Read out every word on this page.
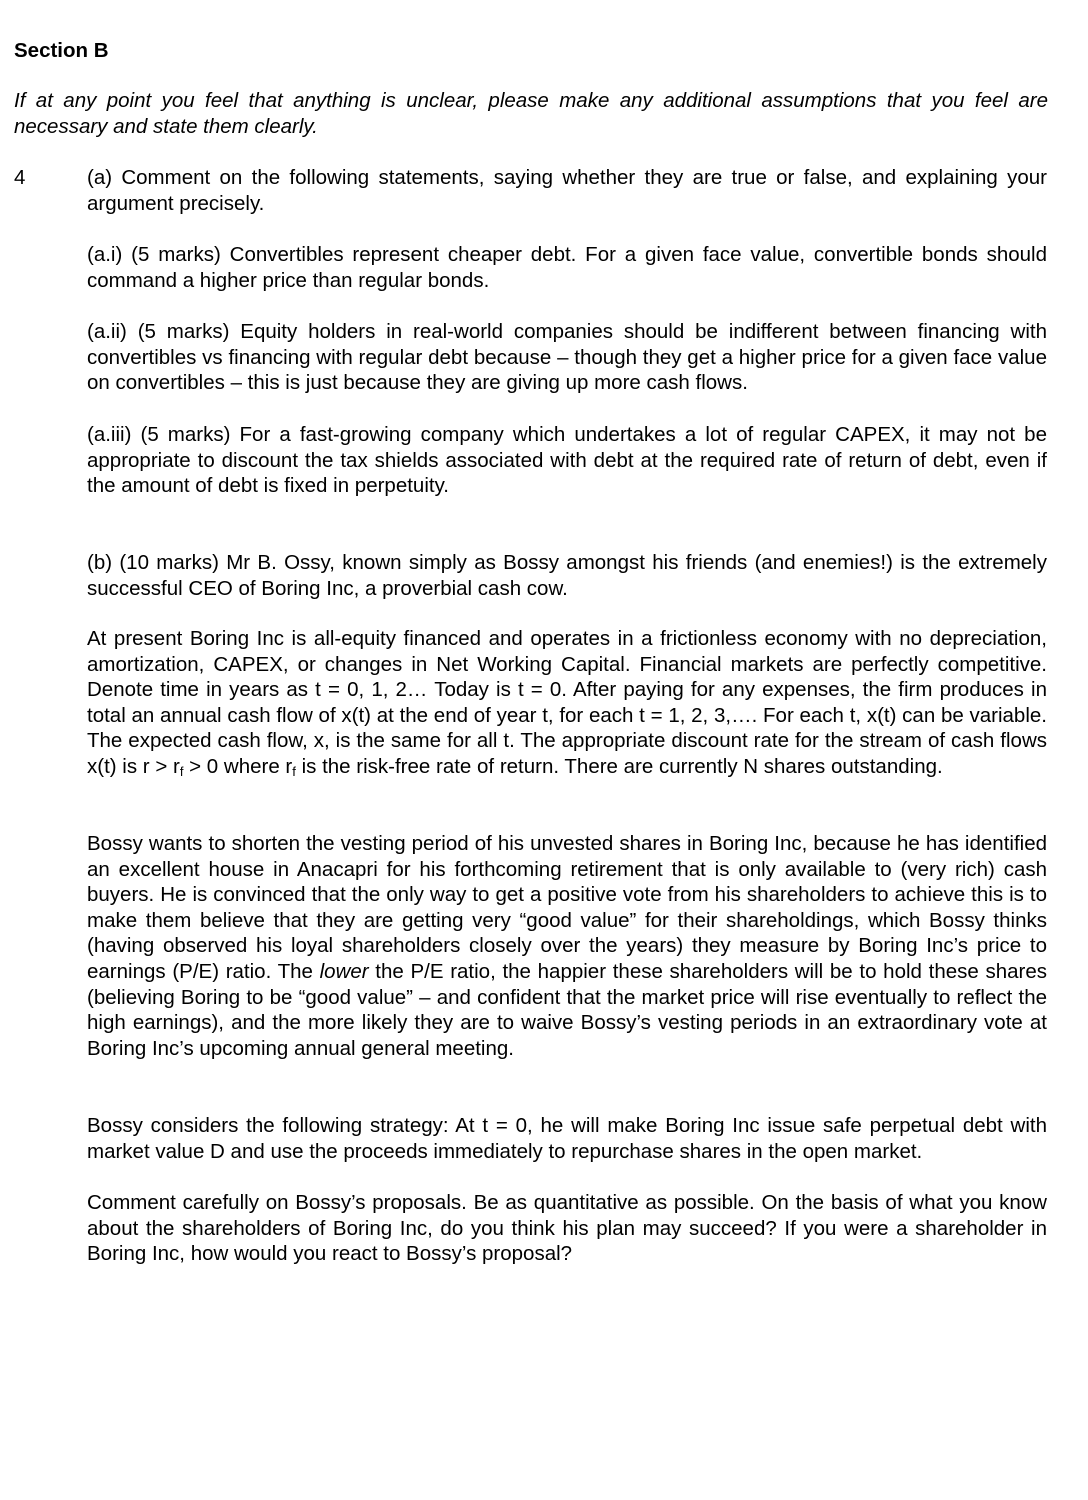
Section B
If at any point you feel that anything is unclear, please make any additional assumptions that you feel are necessary and state them clearly.
4	(a) Comment on the following statements, saying whether they are true or false, and explaining your argument precisely.
(a.i) (5 marks) Convertibles represent cheaper debt. For a given face value, convertible bonds should command a higher price than regular bonds.
(a.ii) (5 marks) Equity holders in real-world companies should be indifferent between financing with convertibles vs financing with regular debt because – though they get a higher price for a given face value on convertibles – this is just because they are giving up more cash flows.
(a.iii) (5 marks) For a fast-growing company which undertakes a lot of regular CAPEX, it may not be appropriate to discount the tax shields associated with debt at the required rate of return of debt, even if the amount of debt is fixed in perpetuity.
(b) (10 marks) Mr B. Ossy, known simply as Bossy amongst his friends (and enemies!) is the extremely successful CEO of Boring Inc, a proverbial cash cow.
At present Boring Inc is all-equity financed and operates in a frictionless economy with no depreciation, amortization, CAPEX, or changes in Net Working Capital. Financial markets are perfectly competitive. Denote time in years as t = 0, 1, 2… Today is t = 0. After paying for any expenses, the firm produces in total an annual cash flow of x(t) at the end of year t, for each t = 1, 2, 3,…. For each t, x(t) can be variable. The expected cash flow, x, is the same for all t. The appropriate discount rate for the stream of cash flows x(t) is $r > r_f > 0$ where $r_f$ is the risk-free rate of return. There are currently N shares outstanding.
Bossy wants to shorten the vesting period of his unvested shares in Boring Inc, because he has identified an excellent house in Anacapri for his forthcoming retirement that is only available to (very rich) cash buyers. He is convinced that the only way to get a positive vote from his shareholders to achieve this is to make them believe that they are getting very “good value” for their shareholdings, which Bossy thinks (having observed his loyal shareholders closely over the years) they measure by Boring Inc’s price to earnings (P/E) ratio. The lower the P/E ratio, the happier these shareholders will be to hold these shares (believing Boring to be “good value” – and confident that the market price will rise eventually to reflect the high earnings), and the more likely they are to waive Bossy’s vesting periods in an extraordinary vote at Boring Inc’s upcoming annual general meeting.
Bossy considers the following strategy: At t = 0, he will make Boring Inc issue safe perpetual debt with market value D and use the proceeds immediately to repurchase shares in the open market.
Comment carefully on Bossy’s proposals. Be as quantitative as possible. On the basis of what you know about the shareholders of Boring Inc, do you think his plan may succeed? If you were a shareholder in Boring Inc, how would you react to Bossy’s proposal?
